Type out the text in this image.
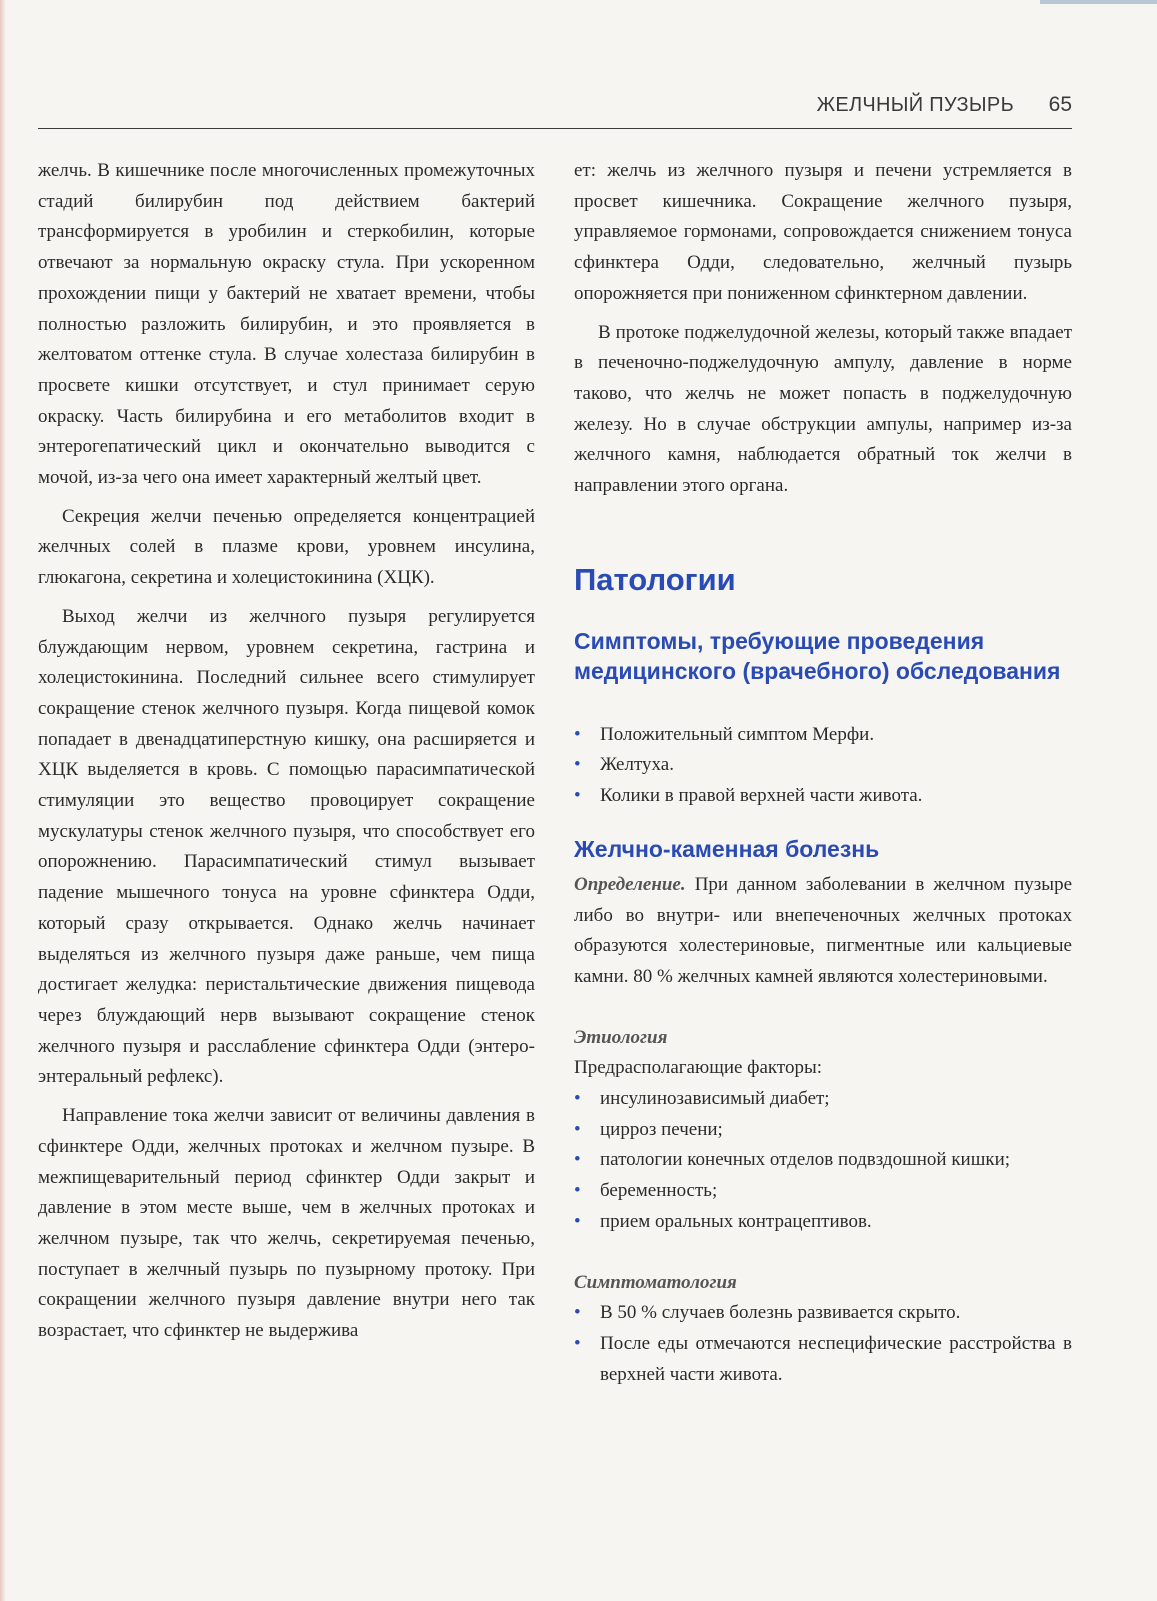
ЖЕЛЧНЫЙ ПУЗЫРЬ 65

желчь. В кишечнике после многочисленных промежуточных стадий билирубин под действием бактерий трансформируется в уробилин и стеркобилин, которые отвечают за нормальную окраску стула. При ускоренном прохождении пищи у бактерий не хватает времени, чтобы полностью разложить билирубин, и это проявляется в желтоватом оттенке стула. В случае холестаза билирубин в просвете кишки отсутствует, и стул принимает серую окраску. Часть билирубина и его метаболитов входит в энтерогепатический цикл и окончательно выводится с мочой, из-за чего она имеет характерный желтый цвет.

Секреция желчи печенью определяется концентрацией желчных солей в плазме крови, уровнем инсулина, глюкагона, секретина и холецистокинина (ХЦК).

Выход желчи из желчного пузыря регулируется блуждающим нервом, уровнем секретина, гастрина и холецистокинина. Последний сильнее всего стимулирует сокращение стенок желчного пузыря. Когда пищевой комок попадает в двенадцатиперстную кишку, она расширяется и ХЦК выделяется в кровь. С помощью парасимпатической стимуляции это вещество провоцирует сокращение мускулатуры стенок желчного пузыря, что способствует его опорожнению. Парасимпатический стимул вызывает падение мышечного тонуса на уровне сфинктера Одди, который сразу открывается. Однако желчь начинает выделяться из желчного пузыря даже раньше, чем пища достигает желудка: перистальтические движения пищевода через блуждающий нерв вызывают сокращение стенок желчного пузыря и расслабление сфинктера Одди (энтеро-энтеральный рефлекс).

Направление тока желчи зависит от величины давления в сфинктере Одди, желчных протоках и желчном пузыре. В межпищеварительный период сфинктер Одди закрыт и давление в этом месте выше, чем в желчных протоках и желчном пузыре, так что желчь, секретируемая печенью, поступает в желчный пузырь по пузырному протоку. При сокращении желчного пузыря давление внутри него так возрастает, что сфинктер не выдержива

ет: желчь из желчного пузыря и печени устремляется в просвет кишечника. Сокращение желчного пузыря, управляемое гормонами, сопровождается снижением тонуса сфинктера Одди, следовательно, желчный пузырь опорожняется при пониженном сфинктерном давлении.

В протоке поджелудочной железы, который также впадает в печеночно-поджелудочную ампулу, давление в норме таково, что желчь не может попасть в поджелудочную железу. Но в случае обструкции ампулы, например из-за желчного камня, наблюдается обратный ток желчи в направлении этого органа.

Патологии
Симптомы, требующие проведения медицинского (врачебного) обследования
• Положительный симптом Мерфи.
• Желтуха.
• Колики в правой верхней части живота.
Желчно-каменная болезнь

Определение. При данном заболевании в желчном пузыре либо во внутри- или внепеченочных желчных протоках образуются холестериновые, пигментные или кальциевые камни. 80 % желчных камней являются холестериновыми.

Этиология

Предрасполагающие факторы:

• инсулинозависимый диабет;
• цирроз печени;
• патологии конечных отделов подвздошной кишки;
• беременность;
• прием оральных контрацептивов.
Симптоматология
• В 50 % случаев болезнь развивается скрыто.
• После еды отмечаются неспецифические расстройства в верхней части живота.
